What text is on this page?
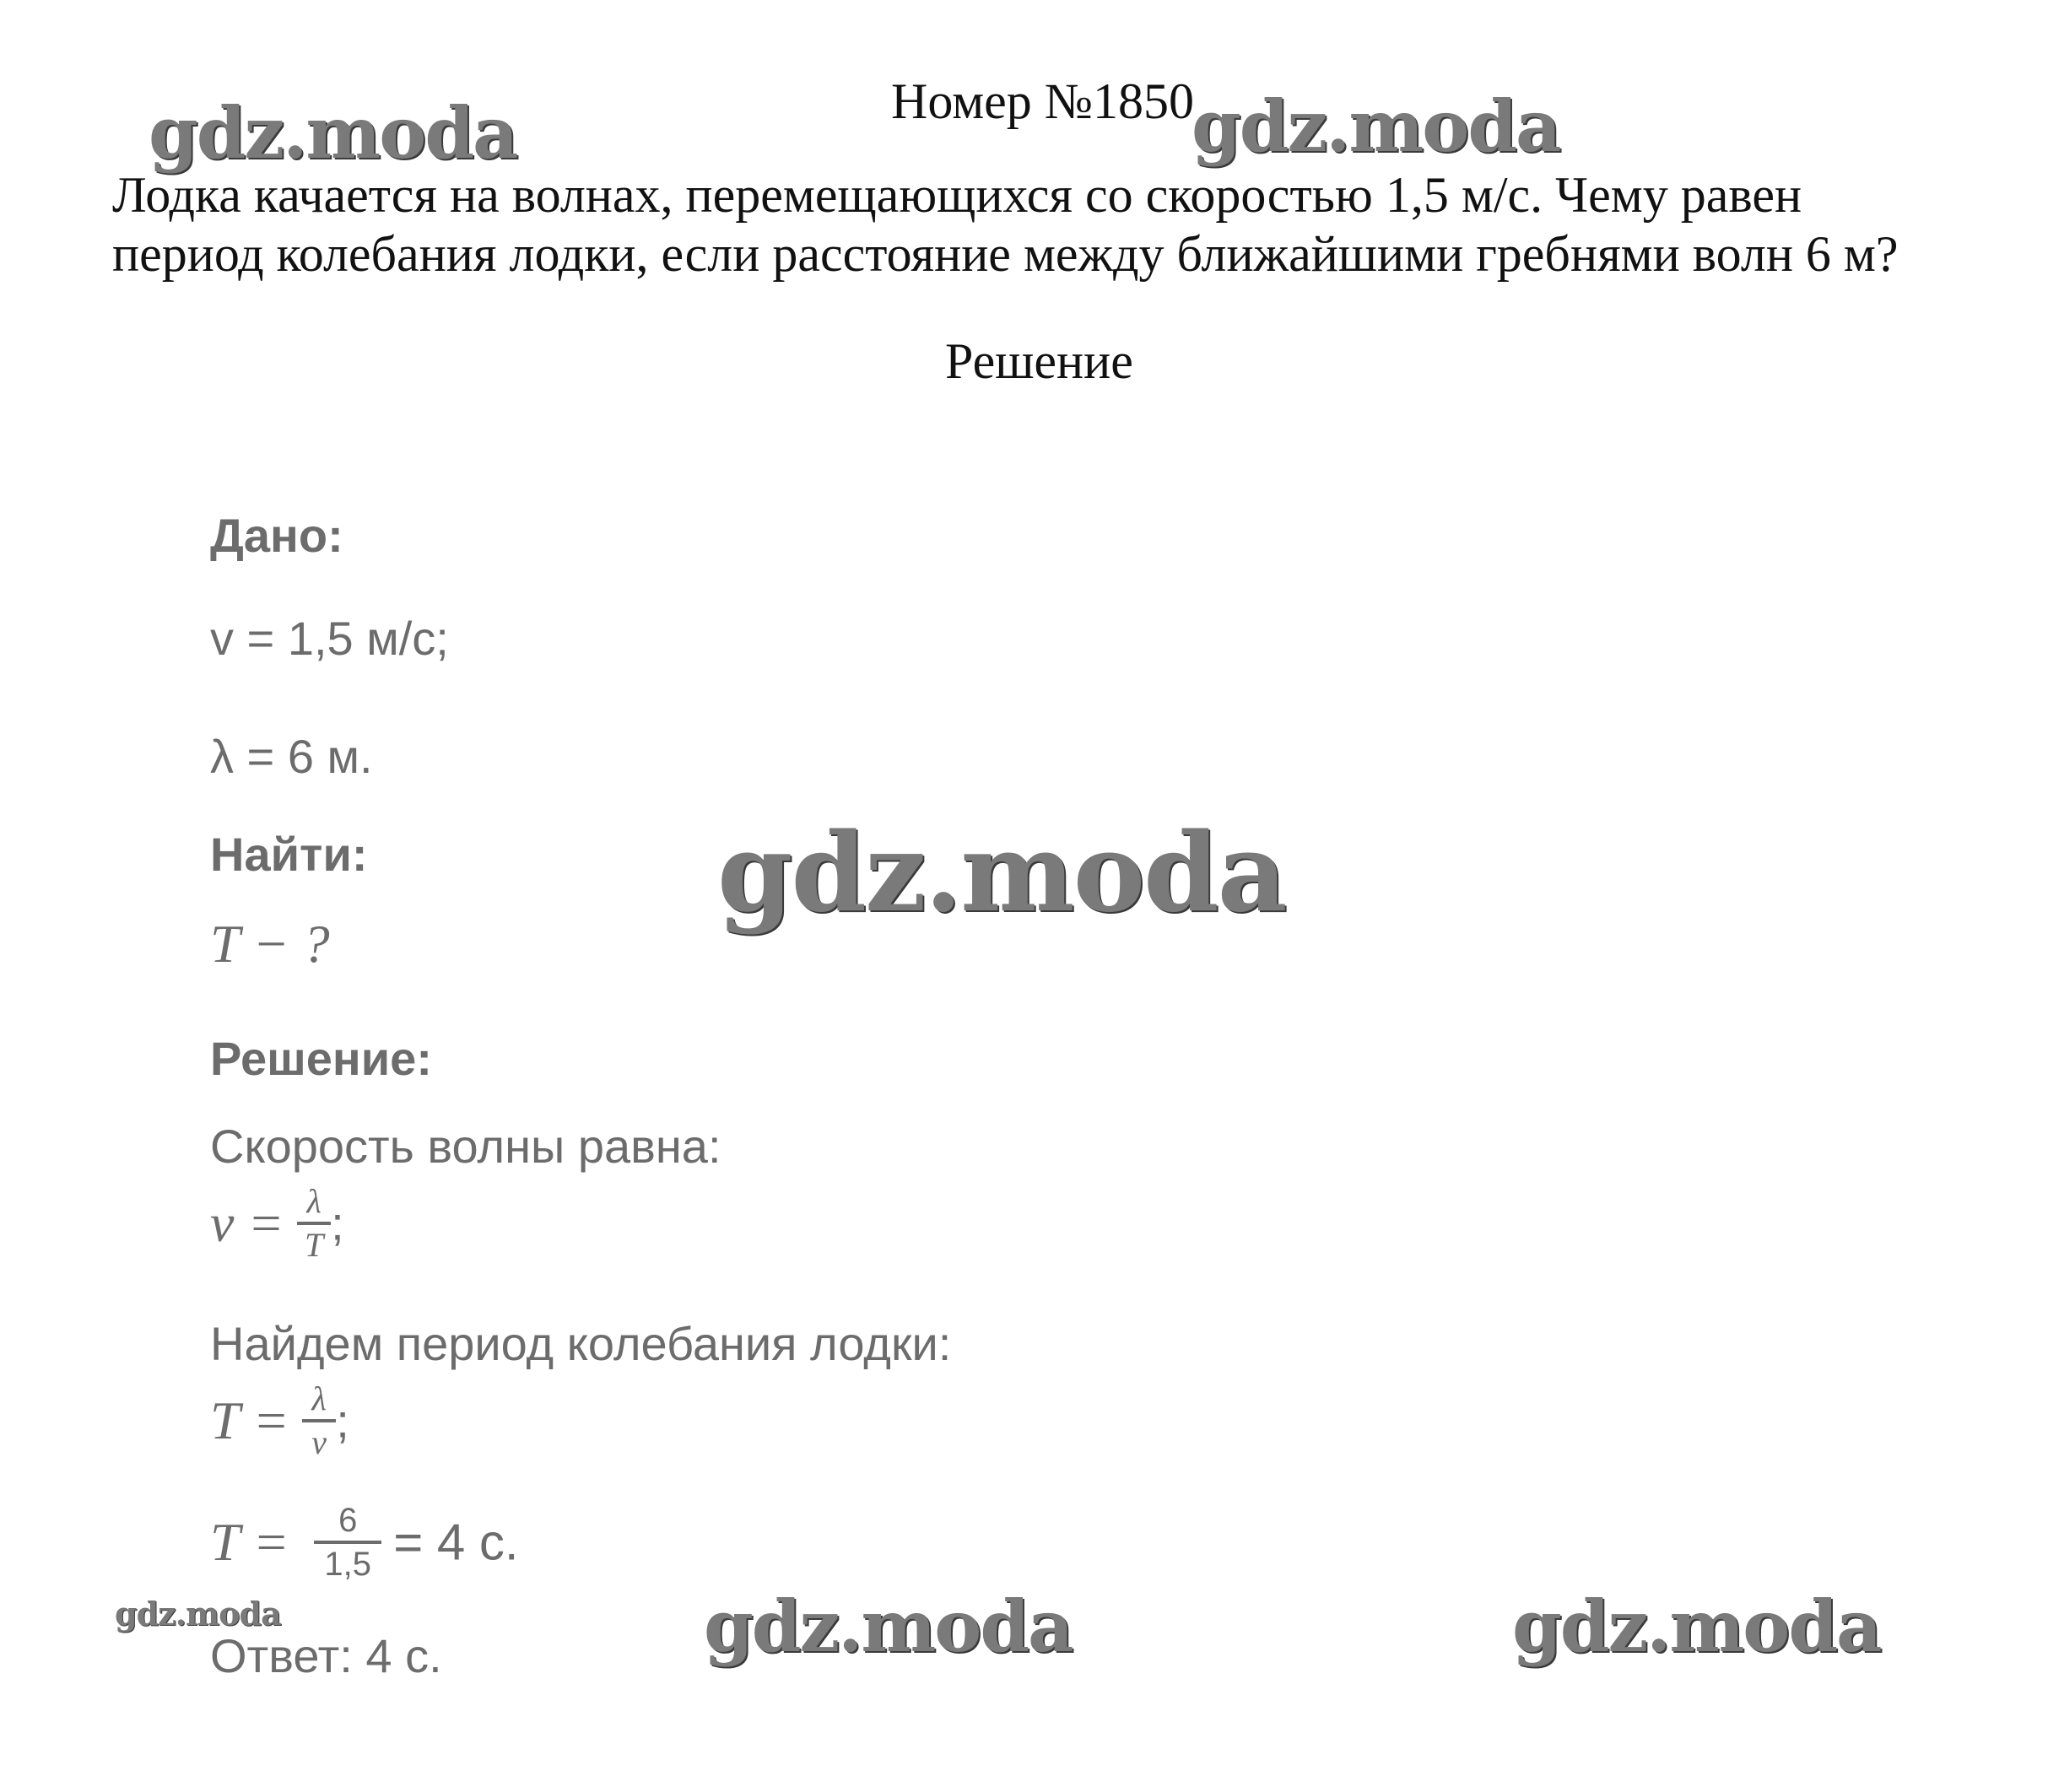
Номер №1850
Лодка качается на волнах, перемещающихся со скоростью 1,5 м/с. Чему равен
период колебания лодки, если расстояние между ближайшими гребнями волн 6 м?
Решение
Дано:
v = 1,5 м/с;
λ = 6 м.
Найти:
T − ?
Решение:
Скорость волны равна:
$v = \frac{\lambda}{T}$ ;
Найдем период колебания лодки:
$T = \frac{\lambda}{v}$ ;
$T = \frac{6}{1,5} = 4$ с.
Ответ: 4 с.
gdz.moda	gdz.moda
gdz.moda
gdz.moda	gdz.moda	gdz.moda
